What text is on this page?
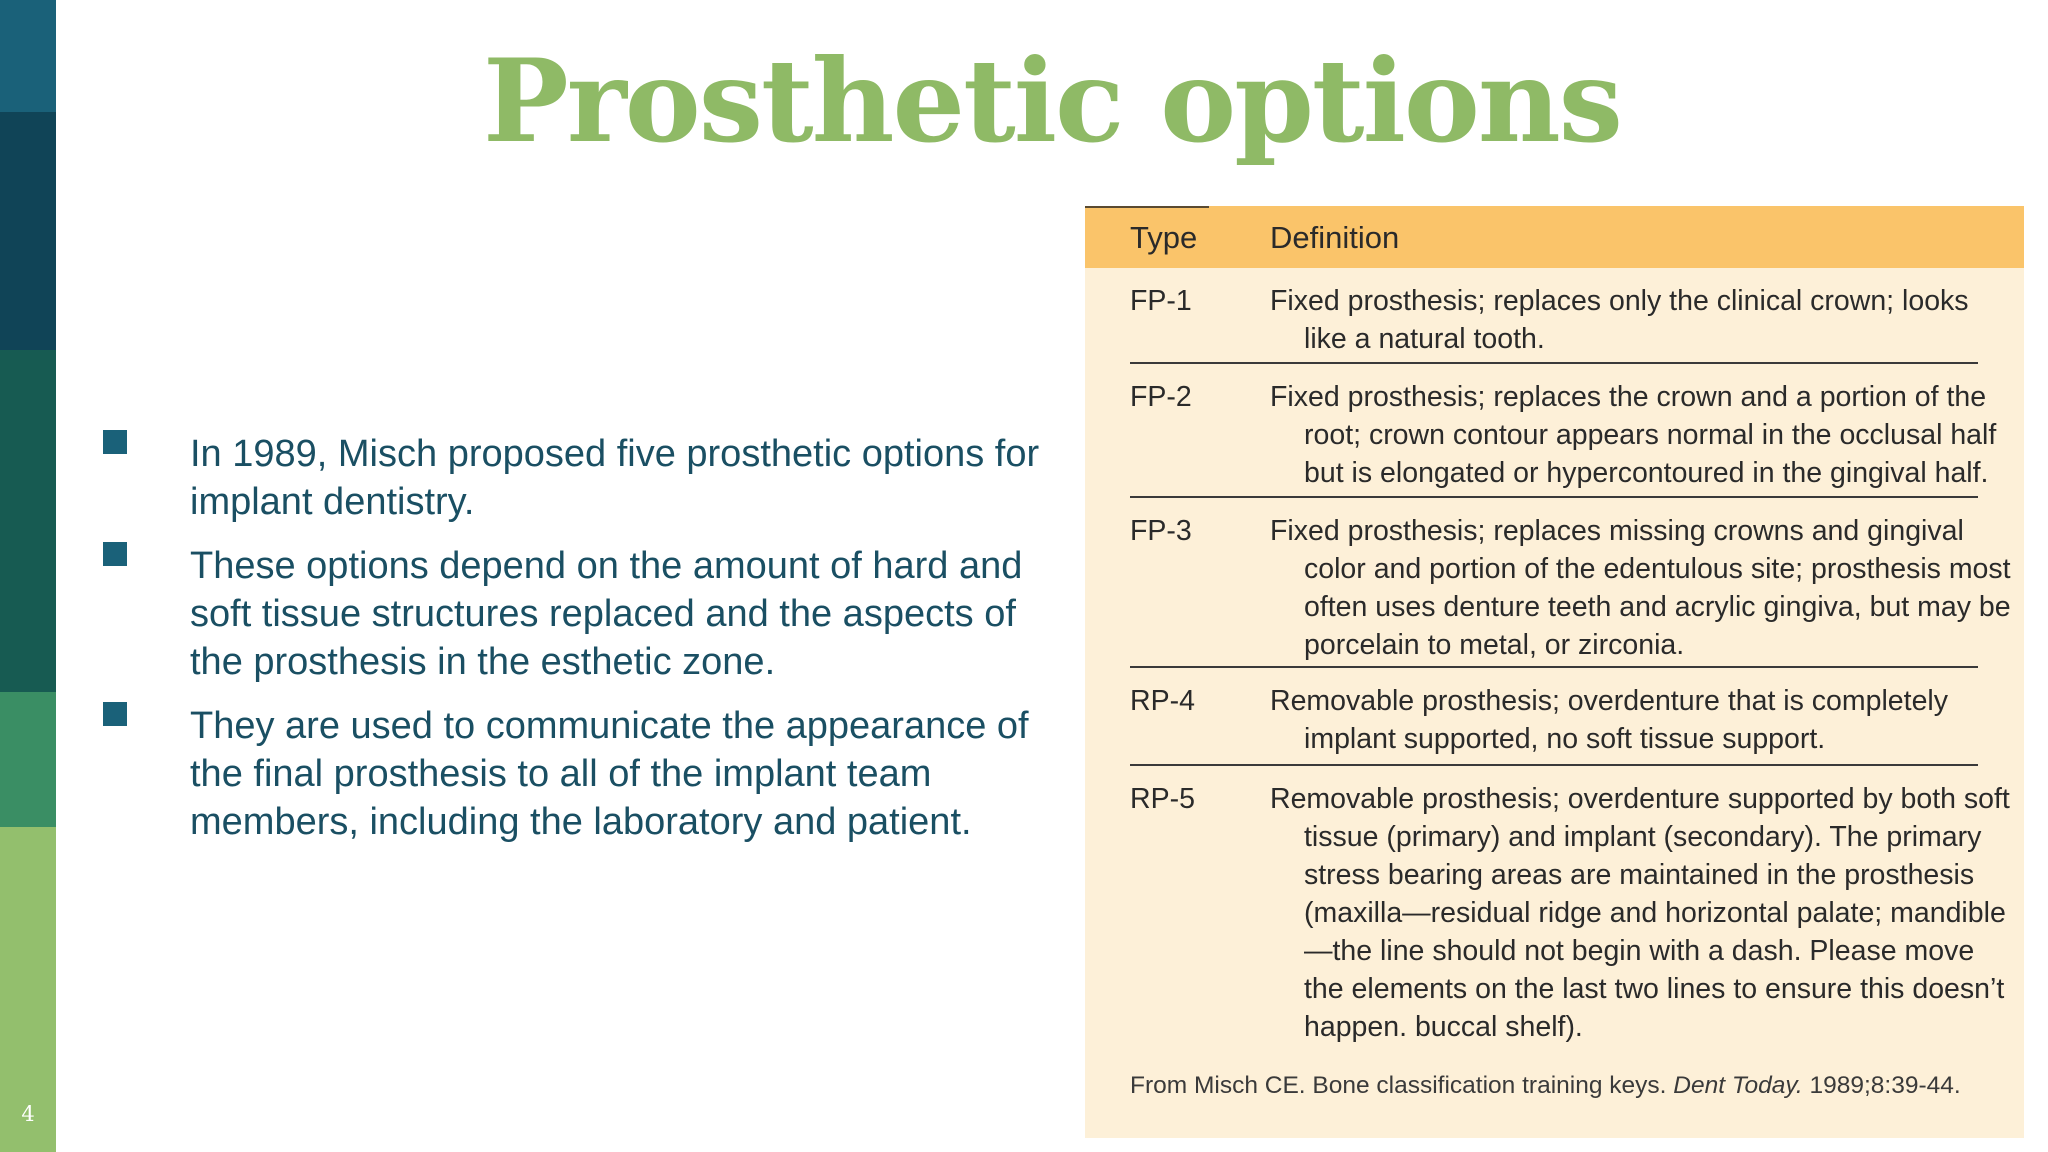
4
Prosthetic options
In 1989, Misch proposed five prosthetic options for implant dentistry.
These options depend on the amount of hard and soft tissue structures replaced and the aspects of the prosthesis in the esthetic zone.
They are used to communicate the appearance of the final prosthesis to all of the implant team members, including the laboratory and patient.
Type Definition
FP-1	Fixed prosthesis; replaces only the clinical crown; looks like a natural tooth.
FP-2	Fixed prosthesis; replaces the crown and a portion of the root; crown contour appears normal in the occlusal half but is elongated or hypercontoured in the gingival half.
FP-3	Fixed prosthesis; replaces missing crowns and gingival color and portion of the edentulous site; prosthesis most often uses denture teeth and acrylic gingiva, but may be porcelain to metal, or zirconia.
RP-4	Removable prosthesis; overdenture that is completely implant supported, no soft tissue support.
RP-5	Removable prosthesis; overdenture supported by both soft tissue (primary) and implant (secondary). The primary stress bearing areas are maintained in the prosthesis (maxilla—residual ridge and horizontal palate; mandible—the line should not begin with a dash. Please move the elements on the last two lines to ensure this doesn’t happen. buccal shelf).
From Misch CE. Bone classification training keys. Dent Today. 1989;8:39-44.
